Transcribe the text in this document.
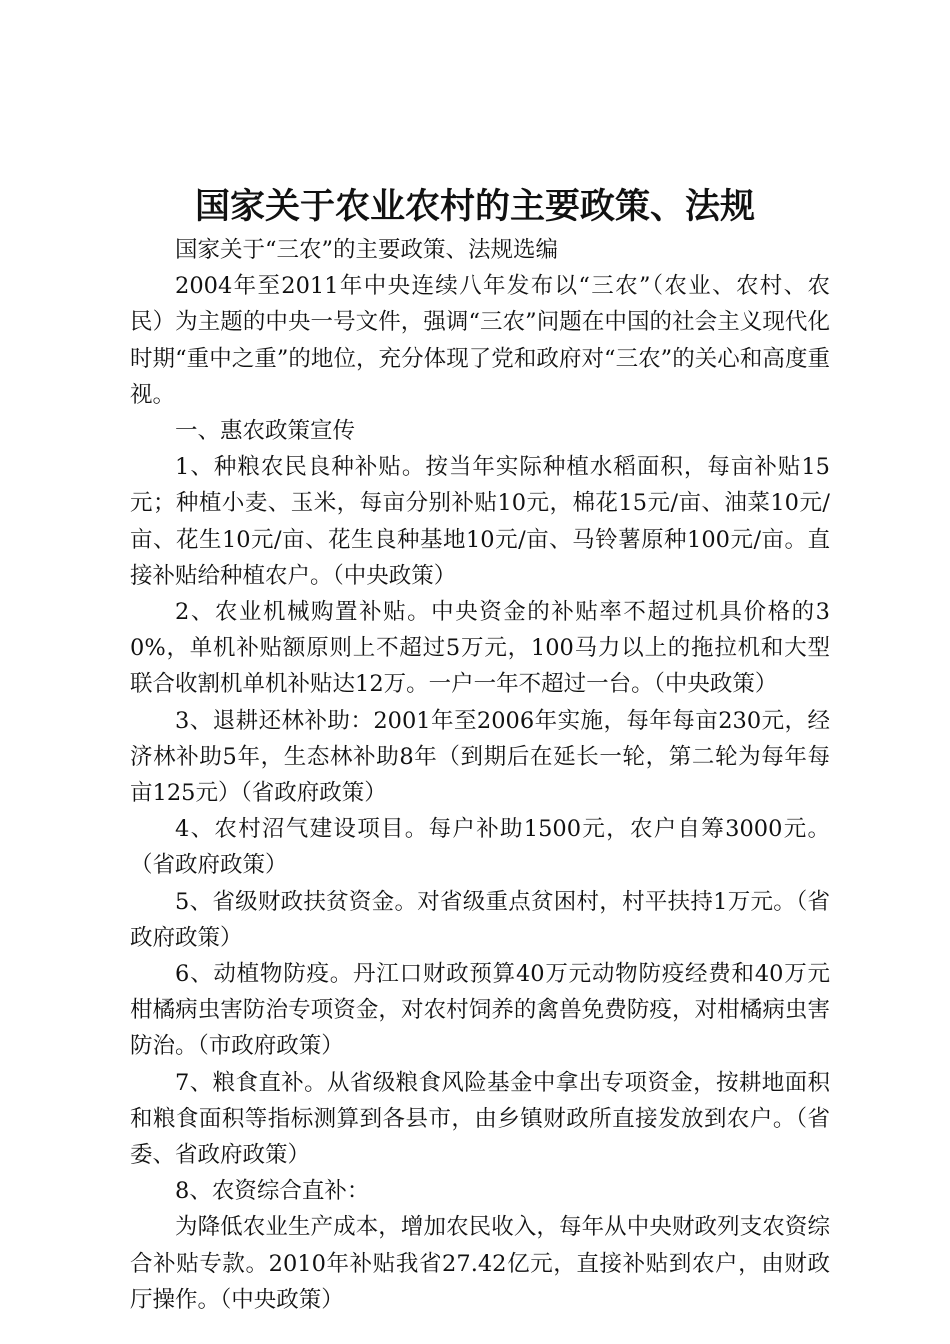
国家关于农业农村的主要政策、法规

国家关于“三农”的主要政策、法规选编

2004年至2011年中央连续八年发布以“三农”（农业、农村、农民）为主题的中央一号文件，强调“三农”问题在中国的社会主义现代化时期“重中之重”的地位，充分体现了党和政府对“三农”的关心和高度重视。

一、惠农政策宣传

1、种粮农民良种补贴。按当年实际种植水稻面积，每亩补贴15元；种植小麦、玉米，每亩分别补贴10元，棉花15元/亩、油菜10元/亩、花生10元/亩、花生良种基地10元/亩、马铃薯原种100元/亩。直接补贴给种植农户。（中央政策）

2、农业机械购置补贴。中央资金的补贴率不超过机具价格的30%，单机补贴额原则上不超过5万元，100马力以上的拖拉机和大型联合收割机单机补贴达12万。一户一年不超过一台。（中央政策）

3、退耕还林补助：2001年至2006年实施，每年每亩230元，经济林补助5年，生态林补助8年（到期后在延长一轮，第二轮为每年每亩125元）（省政府政策）

4、农村沼气建设项目。每户补助1500元，农户自筹3000元。（省政府政策）

5、省级财政扶贫资金。对省级重点贫困村，村平扶持1万元。（省政府政策）

6、动植物防疫。丹江口财政预算40万元动物防疫经费和40万元柑橘病虫害防治专项资金，对农村饲养的禽兽免费防疫，对柑橘病虫害防治。（市政府政策）

7、粮食直补。从省级粮食风险基金中拿出专项资金，按耕地面积和粮食面积等指标测算到各县市，由乡镇财政所直接发放到农户。（省委、省政府政策）

8、农资综合直补：

为降低农业生产成本，增加农民收入，每年从中央财政列支农资综合补贴专款。2010年补贴我省27.42亿元，直接补贴到农户，由财政厅操作。（中央政策）
